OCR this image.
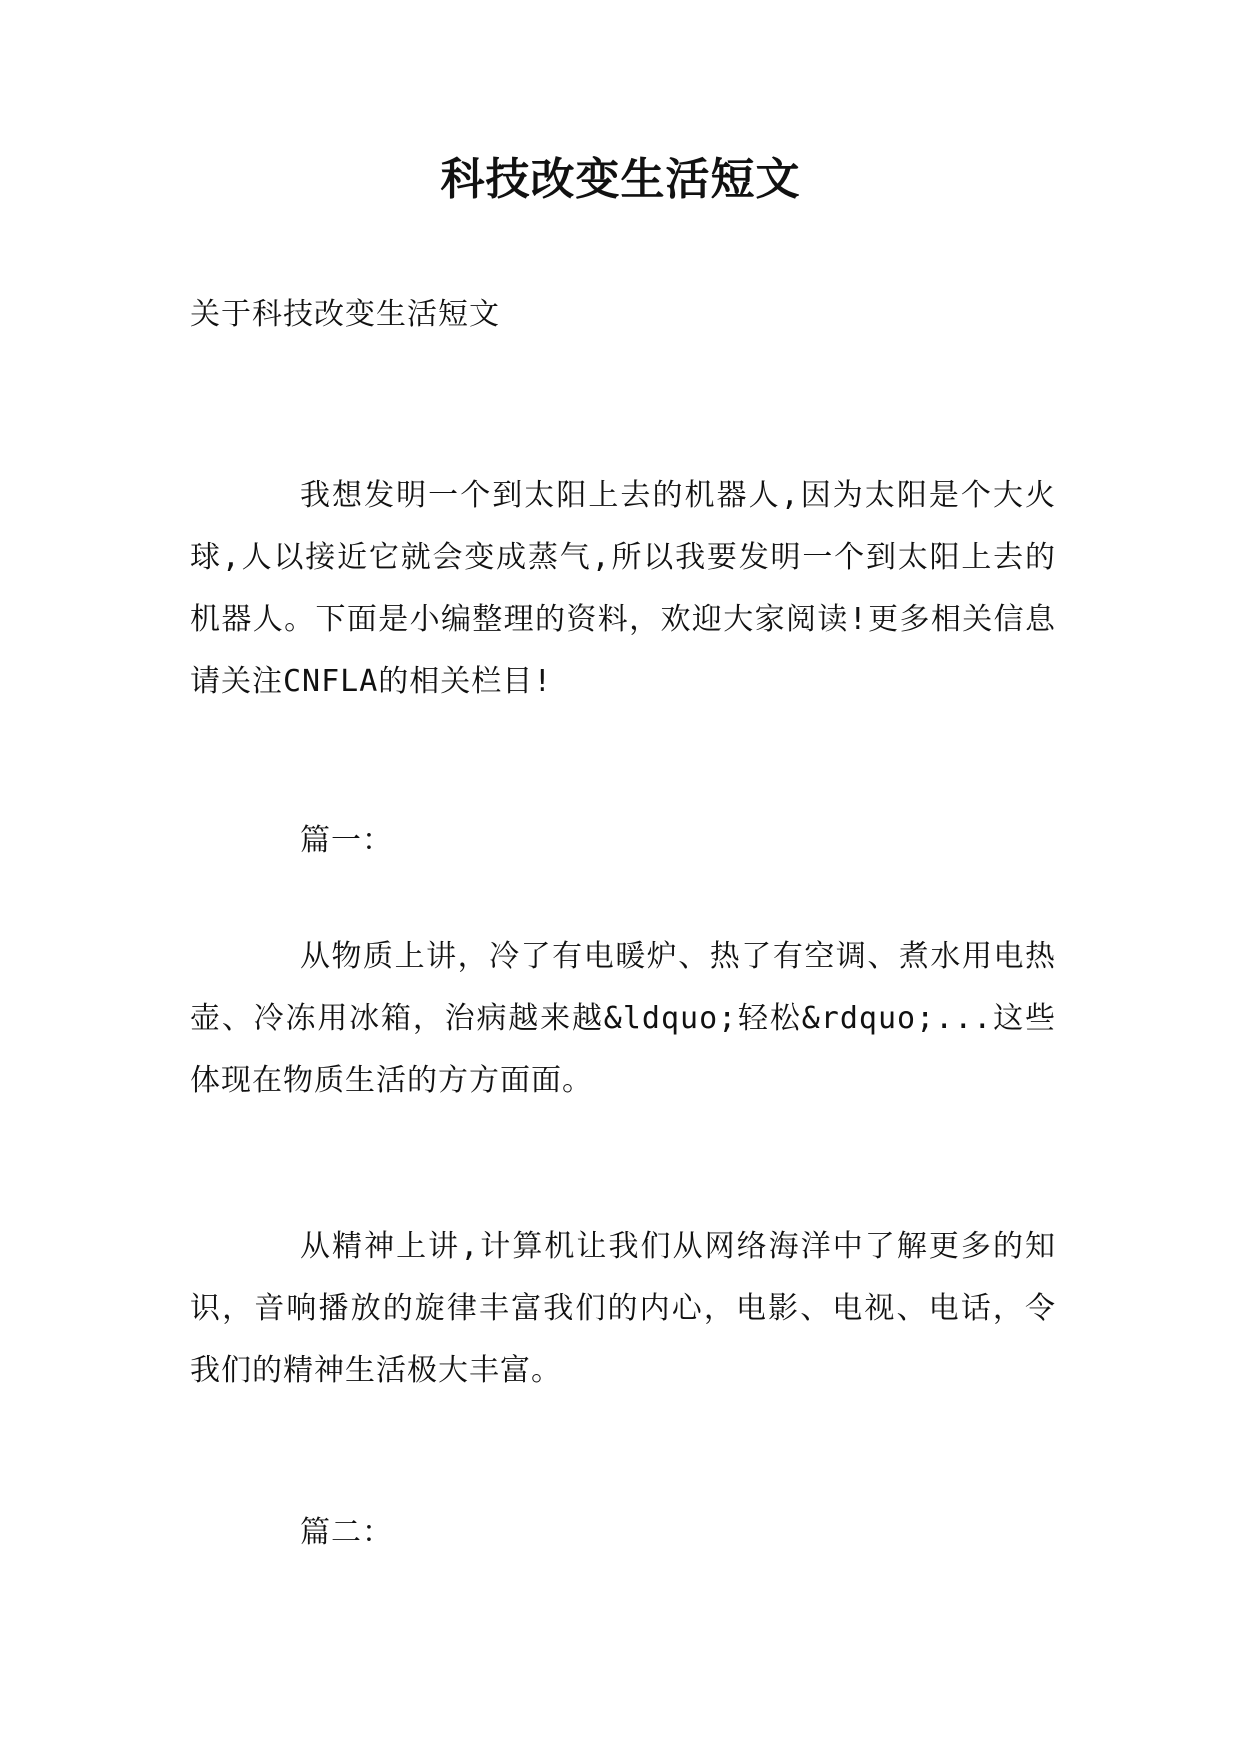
科技改变生活短文

关于科技改变生活短文

我想发明一个到太阳上去的机器人,因为太阳是个大火球,人以接近它就会变成蒸气,所以我要发明一个到太阳上去的机器人。下面是小编整理的资料，欢迎大家阅读!更多相关信息请关注CNFLA的相关栏目!

篇一：

从物质上讲，冷了有电暖炉、热了有空调、煮水用电热壶、冷冻用冰箱，治病越来越&ldquo;轻松&rdquo;...这些体现在物质生活的方方面面。

从精神上讲,计算机让我们从网络海洋中了解更多的知识，音响播放的旋律丰富我们的内心，电影、电视、电话，令我们的精神生活极大丰富。

篇二：
